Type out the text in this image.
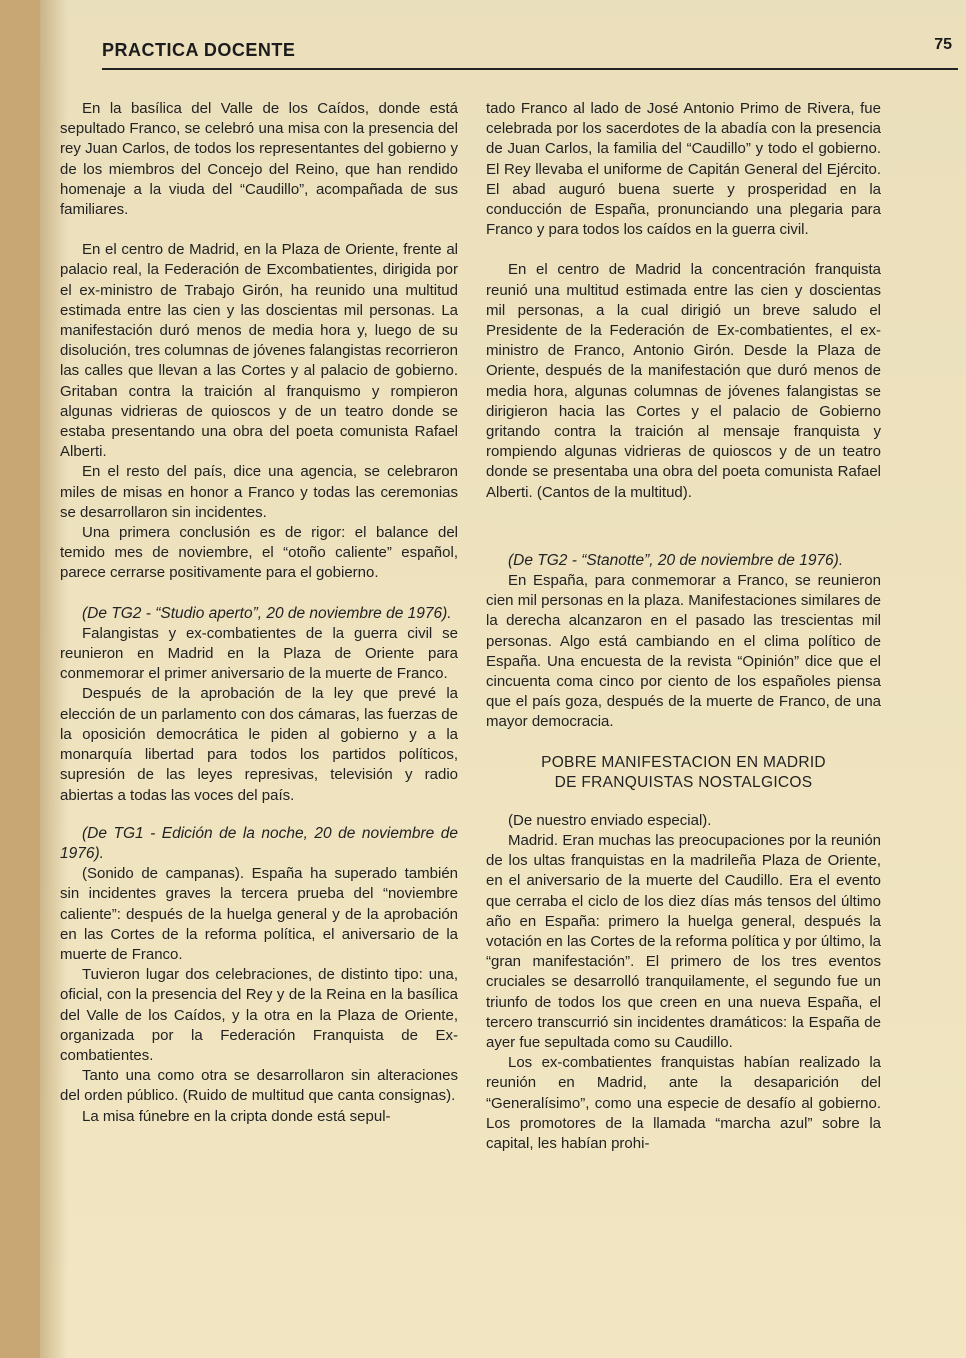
PRACTICA DOCENTE	75

En la basílica del Valle de los Caídos, donde está sepultado Franco, se celebró una misa con la presencia del rey Juan Carlos, de todos los representantes del gobierno y de los miembros del Concejo del Reino, que han rendido homenaje a la viuda del “Caudillo”, acompañada de sus familiares.

En el centro de Madrid, en la Plaza de Oriente, frente al palacio real, la Federación de Excombatientes, dirigida por el ex-ministro de Trabajo Girón, ha reunido una multitud estimada entre las cien y las doscientas mil personas. La manifestación duró menos de media hora y, luego de su disolución, tres columnas de jóvenes falangistas recorrieron las calles que llevan a las Cortes y al palacio de gobierno. Gritaban contra la traición al franquismo y rompieron algunas vidrieras de quioscos y de un teatro donde se estaba presentando una obra del poeta comunista Rafael Alberti.

En el resto del país, dice una agencia, se celebraron miles de misas en honor a Franco y todas las ceremonias se desarrollaron sin incidentes.

Una primera conclusión es de rigor: el balance del temido mes de noviembre, el “otoño caliente” español, parece cerrarse positivamente para el gobierno.

(De TG2 - “Studio aperto”, 20 de noviembre de 1976).

Falangistas y ex-combatientes de la guerra civil se reunieron en Madrid en la Plaza de Oriente para conmemorar el primer aniversario de la muerte de Franco.

Después de la aprobación de la ley que prevé la elección de un parlamento con dos cámaras, las fuerzas de la oposición democrática le piden al gobierno y a la monarquía libertad para todos los partidos políticos, supresión de las leyes represivas, televisión y radio abiertas a todas las voces del país.

(De TG1 - Edición de la noche, 20 de noviembre de 1976).

(Sonido de campanas). España ha superado también sin incidentes graves la tercera prueba del “noviembre caliente”: después de la huelga general y de la aprobación en las Cortes de la reforma política, el aniversario de la muerte de Franco.

Tuvieron lugar dos celebraciones, de distinto tipo: una, oficial, con la presencia del Rey y de la Reina en la basílica del Valle de los Caídos, y la otra en la Plaza de Oriente, organizada por la Federación Franquista de Ex-combatientes.

Tanto una como otra se desarrollaron sin alteraciones del orden público. (Ruido de multitud que canta consignas).

La misa fúnebre en la cripta donde está sepul-

tado Franco al lado de José Antonio Primo de Rivera, fue celebrada por los sacerdotes de la abadía con la presencia de Juan Carlos, la familia del “Caudillo” y todo el gobierno. El Rey llevaba el uniforme de Capitán General del Ejército. El abad auguró buena suerte y prosperidad en la conducción de España, pronunciando una plegaria para Franco y para todos los caídos en la guerra civil.

En el centro de Madrid la concentración franquista reunió una multitud estimada entre las cien y doscientas mil personas, a la cual dirigió un breve saludo el Presidente de la Federación de Ex-combatientes, el ex-ministro de Franco, Antonio Girón. Desde la Plaza de Oriente, después de la manifestación que duró menos de media hora, algunas columnas de jóvenes falangistas se dirigieron hacia las Cortes y el palacio de Gobierno gritando contra la traición al mensaje franquista y rompiendo algunas vidrieras de quioscos y de un teatro donde se presentaba una obra del poeta comunista Rafael Alberti. (Cantos de la multitud).

(De TG2 - “Stanotte”, 20 de noviembre de 1976).

En España, para conmemorar a Franco, se reunieron cien mil personas en la plaza. Manifestaciones similares de la derecha alcanzaron en el pasado las trescientas mil personas. Algo está cambiando en el clima político de España. Una encuesta de la revista “Opinión” dice que el cincuenta coma cinco por ciento de los españoles piensa que el país goza, después de la muerte de Franco, de una mayor democracia.

POBRE MANIFESTACION EN MADRID

DE FRANQUISTAS NOSTALGICOS

(De nuestro enviado especial).

Madrid. Eran muchas las preocupaciones por la reunión de los ultas franquistas en la madrileña Plaza de Oriente, en el aniversario de la muerte del Caudillo. Era el evento que cerraba el ciclo de los diez días más tensos del último año en España: primero la huelga general, después la votación en las Cortes de la reforma política y por último, la “gran manifestación”. El primero de los tres eventos cruciales se desarrolló tranquilamente, el segundo fue un triunfo de todos los que creen en una nueva España, el tercero transcurrió sin incidentes dramáticos: la España de ayer fue sepultada como su Caudillo.

Los ex-combatientes franquistas habían realizado la reunión en Madrid, ante la desaparición del “Generalísimo”, como una especie de desafío al gobierno. Los promotores de la llamada “marcha azul” sobre la capital, les habían prohi-
